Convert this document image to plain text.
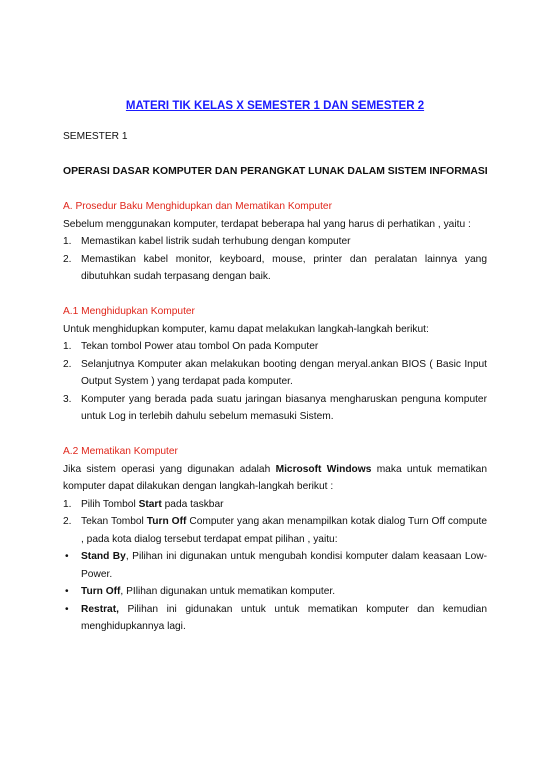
MATERI TIK KELAS X SEMESTER 1 DAN SEMESTER 2
SEMESTER 1
OPERASI DASAR KOMPUTER DAN PERANGKAT LUNAK DALAM SISTEM INFORMASI
A. Prosedur Baku Menghidupkan dan Mematikan Komputer
Sebelum menggunakan komputer, terdapat beberapa hal yang harus di perhatikan , yaitu :
1. Memastikan kabel listrik sudah terhubung dengan komputer
2. Memastikan kabel monitor, keyboard, mouse, printer dan peralatan lainnya yang dibutuhkan sudah terpasang dengan baik.
A.1 Menghidupkan Komputer
Untuk menghidupkan komputer, kamu dapat melakukan langkah-langkah berikut:
1. Tekan tombol Power atau tombol On pada Komputer
2. Selanjutnya Komputer akan melakukan booting dengan meryal.ankan BIOS ( Basic Input Output System ) yang terdapat pada komputer.
3. Komputer yang berada pada suatu jaringan biasanya mengharuskan penguna komputer untuk Log in terlebih dahulu sebelum memasuki Sistem.
A.2 Mematikan Komputer
Jika sistem operasi yang digunakan adalah Microsoft Windows maka untuk mematikan komputer dapat dilakukan dengan langkah-langkah berikut :
1. Pilih Tombol Start pada taskbar
2. Tekan Tombol Turn Off Computer yang akan menampilkan kotak dialog Turn Off compute , pada kota dialog tersebut terdapat empat pilihan , yaitu:
• Stand By, Pilihan ini digunakan untuk mengubah kondisi komputer dalam keasaan Low-Power.
• Turn Off, PIlihan digunakan untuk mematikan komputer.
• Restrat, Pilihan ini gidunakan untuk untuk mematikan komputer dan kemudian menghidupkannya lagi.
